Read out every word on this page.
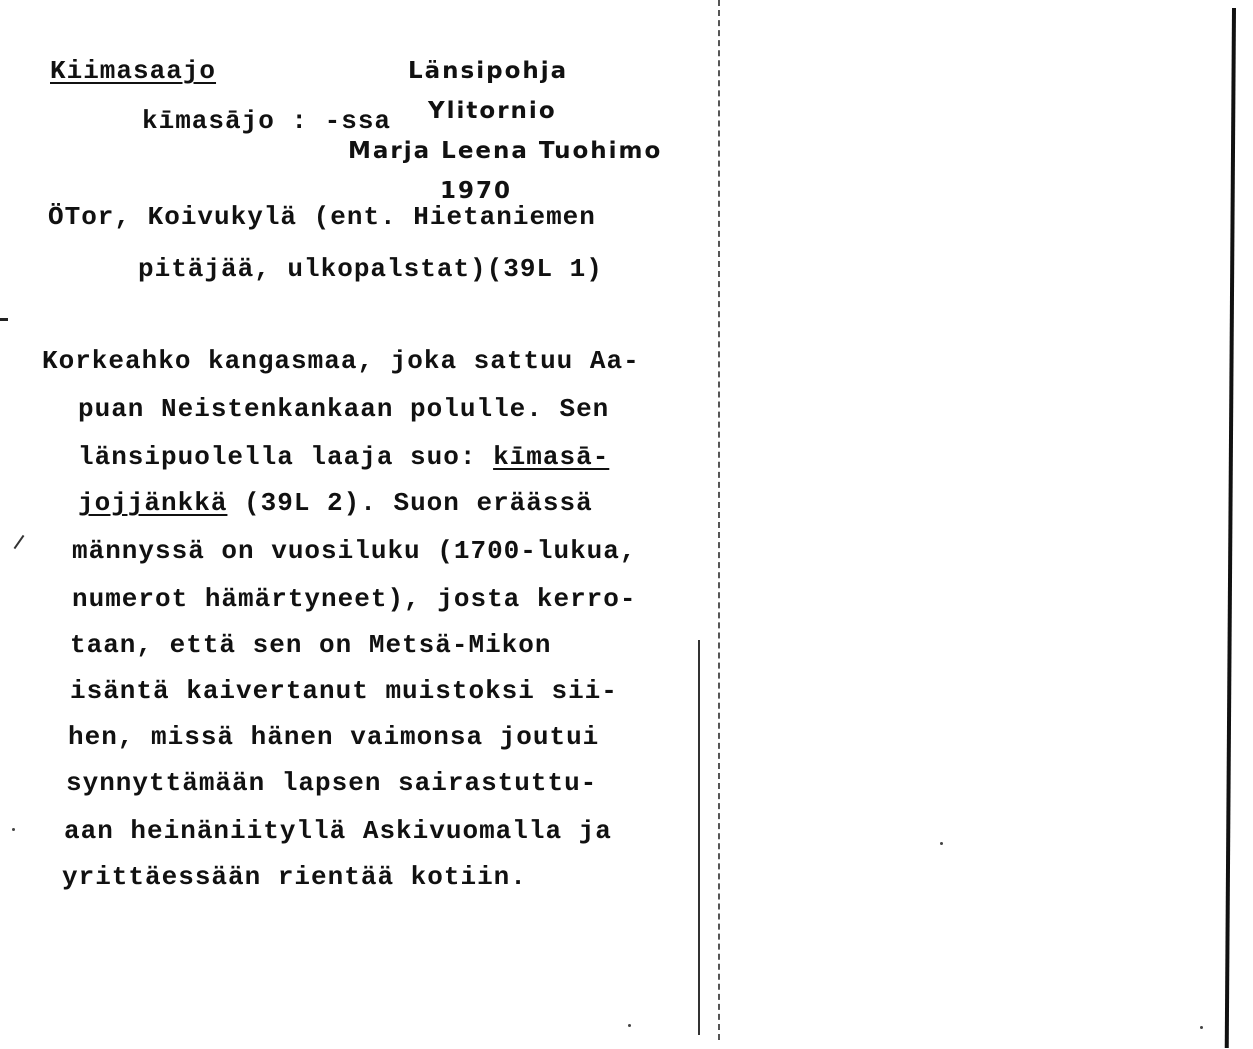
Kiimasaajo	Länsipohja
kīmasājo : -ssa Ylitornio
Marja Leena Tuohimo
1970
ÖTor, Koivukylä (ent. Hietaniemen
pitäjää, ulkopalstat)(39L 1)
Korkeahko kangasmaa, joka sattuu Aa-
puan Neistenkankaan polulle. Sen
länsipuolella laaja suo: kīmasā-
jojjänkkä (39L 2). Suon eräässä
männyssä on vuosiluku (1700-lukua,
numerot hämärtyneet), josta kerro-
taan, että sen on Metsä-Mikon
isäntä kaivertanut muistoksi sii-
hen, missä hänen vaimonsa joutui
synnyttämään lapsen sairastuttu-
aan heinäniityllä Askivuomalla ja
yrittäessään rientää kotiin.
